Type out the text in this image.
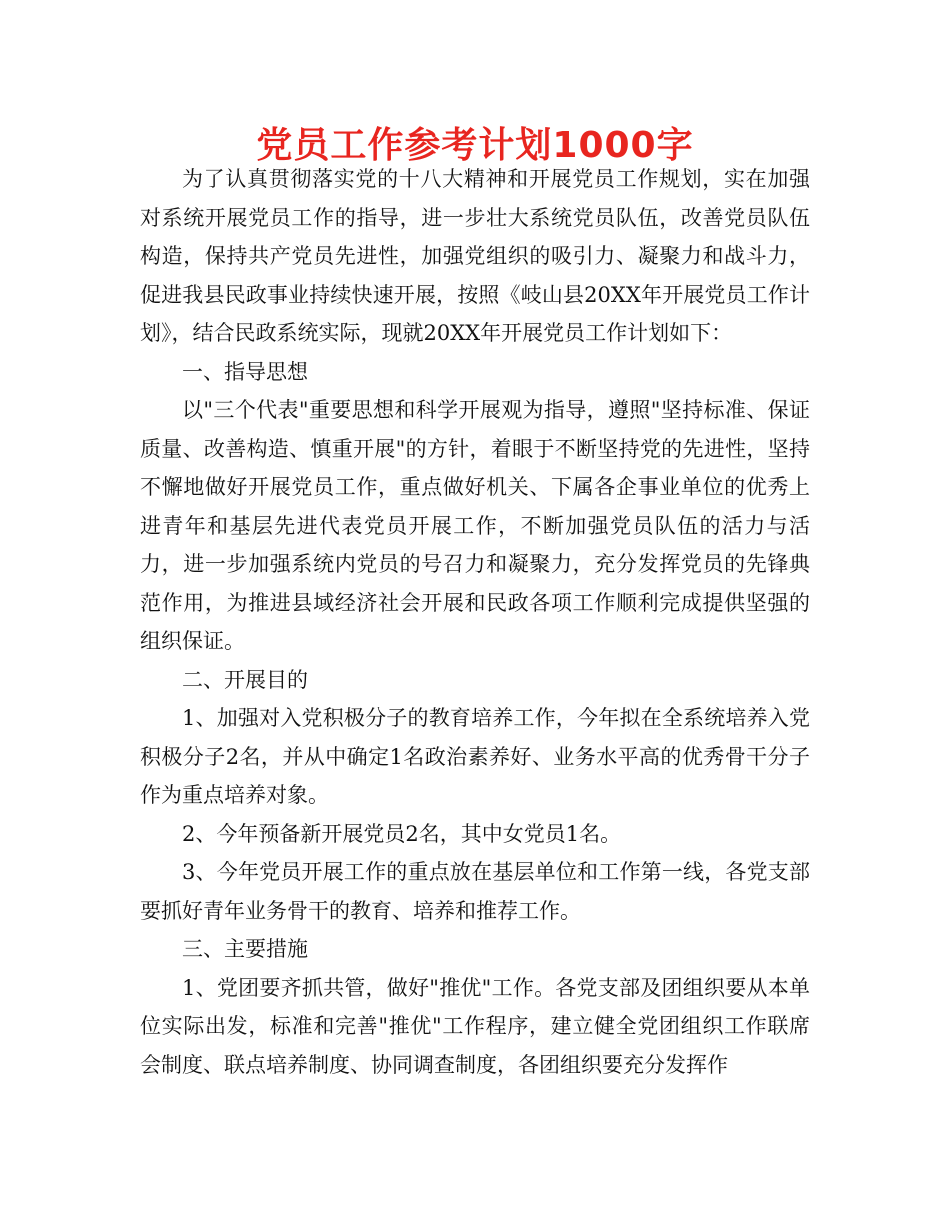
党员工作参考计划1000字

为了认真贯彻落实党的十八大精神和开展党员工作规划，实在加强对系统开展党员工作的指导，进一步壮大系统党员队伍，改善党员队伍构造，保持共产党员先进性，加强党组织的吸引力、凝聚力和战斗力，促进我县民政事业持续快速开展，按照《岐山县20XX年开展党员工作计划》，结合民政系统实际，现就20XX年开展党员工作计划如下：

一、指导思想

以"三个代表"重要思想和科学开展观为指导，遵照"坚持标准、保证质量、改善构造、慎重开展"的方针，着眼于不断坚持党的先进性，坚持不懈地做好开展党员工作，重点做好机关、下属各企事业单位的优秀上进青年和基层先进代表党员开展工作，不断加强党员队伍的活力与活力，进一步加强系统内党员的号召力和凝聚力，充分发挥党员的先锋典范作用，为推进县域经济社会开展和民政各项工作顺利完成提供坚强的组织保证。

二、开展目的

1、加强对入党积极分子的教育培养工作，今年拟在全系统培养入党积极分子2名，并从中确定1名政治素养好、业务水平高的优秀骨干分子作为重点培养对象。

2、今年预备新开展党员2名，其中女党员1名。

3、今年党员开展工作的重点放在基层单位和工作第一线，各党支部要抓好青年业务骨干的教育、培养和推荐工作。

三、主要措施

1、党团要齐抓共管，做好"推优"工作。各党支部及团组织要从本单位实际出发，标准和完善"推优"工作程序，建立健全党团组织工作联席会制度、联点培养制度、协同调查制度，各团组织要充分发挥作
